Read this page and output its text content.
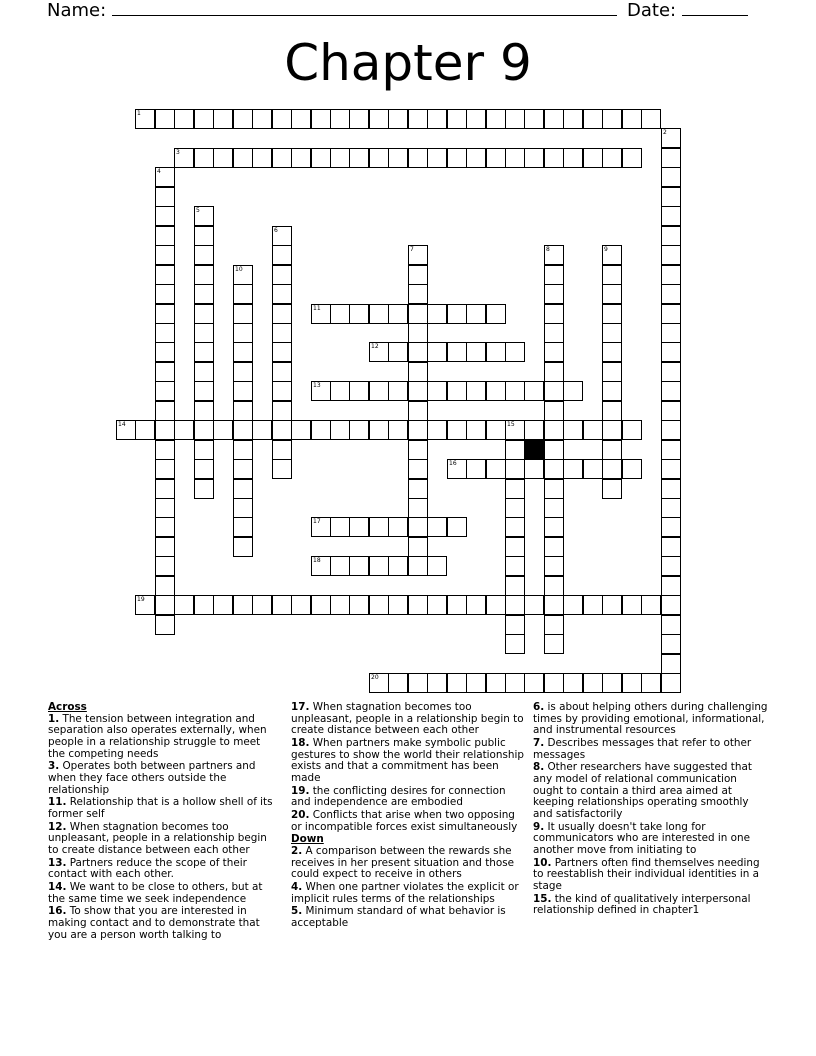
Name:	Date:
Chapter 9
1
2
3
4
5
6
7	8	9
10
11
12
13
14	15
16
17
18
19
20
Across
1. The tension between integration and separation also operates externally, when people in a relationship struggle to meet the competing needs
3. Operates both between partners and when they face others outside the relationship
11. Relationship that is a hollow shell of its former self
12. When stagnation becomes too unpleasant, people in a relationship begin to create distance between each other
13. Partners reduce the scope of their contact with each other.
14. We want to be close to others, but at the same time we seek independence
16. To show that you are interested in making contact and to demonstrate that you are a person worth talking to
17. When stagnation becomes too unpleasant, people in a relationship begin to create distance between each other
18. When partners make symbolic public gestures to show the world their relationship exists and that a commitment has been made
19. the conflicting desires for connection and independence are embodied
20. Conflicts that arise when two opposing or incompatible forces exist simultaneously
Down
2. A comparison between the rewards she receives in her present situation and those could expect to receive in others
4. When one partner violates the explicit or implicit rules terms of the relationships
5. Minimum standard of what behavior is acceptable
6. is about helping others during challenging times by providing emotional, informational, and instrumental resources
7. Describes messages that refer to other messages
8. Other researchers have suggested that any model of relational communication ought to contain a third area aimed at keeping relationships operating smoothly and satisfactorily
9. It usually doesn't take long for communicators who are interested in one another move from initiating to
10. Partners often find themselves needing to reestablish their individual identities in a stage
15. the kind of qualitatively interpersonal relationship defined in chapter1
